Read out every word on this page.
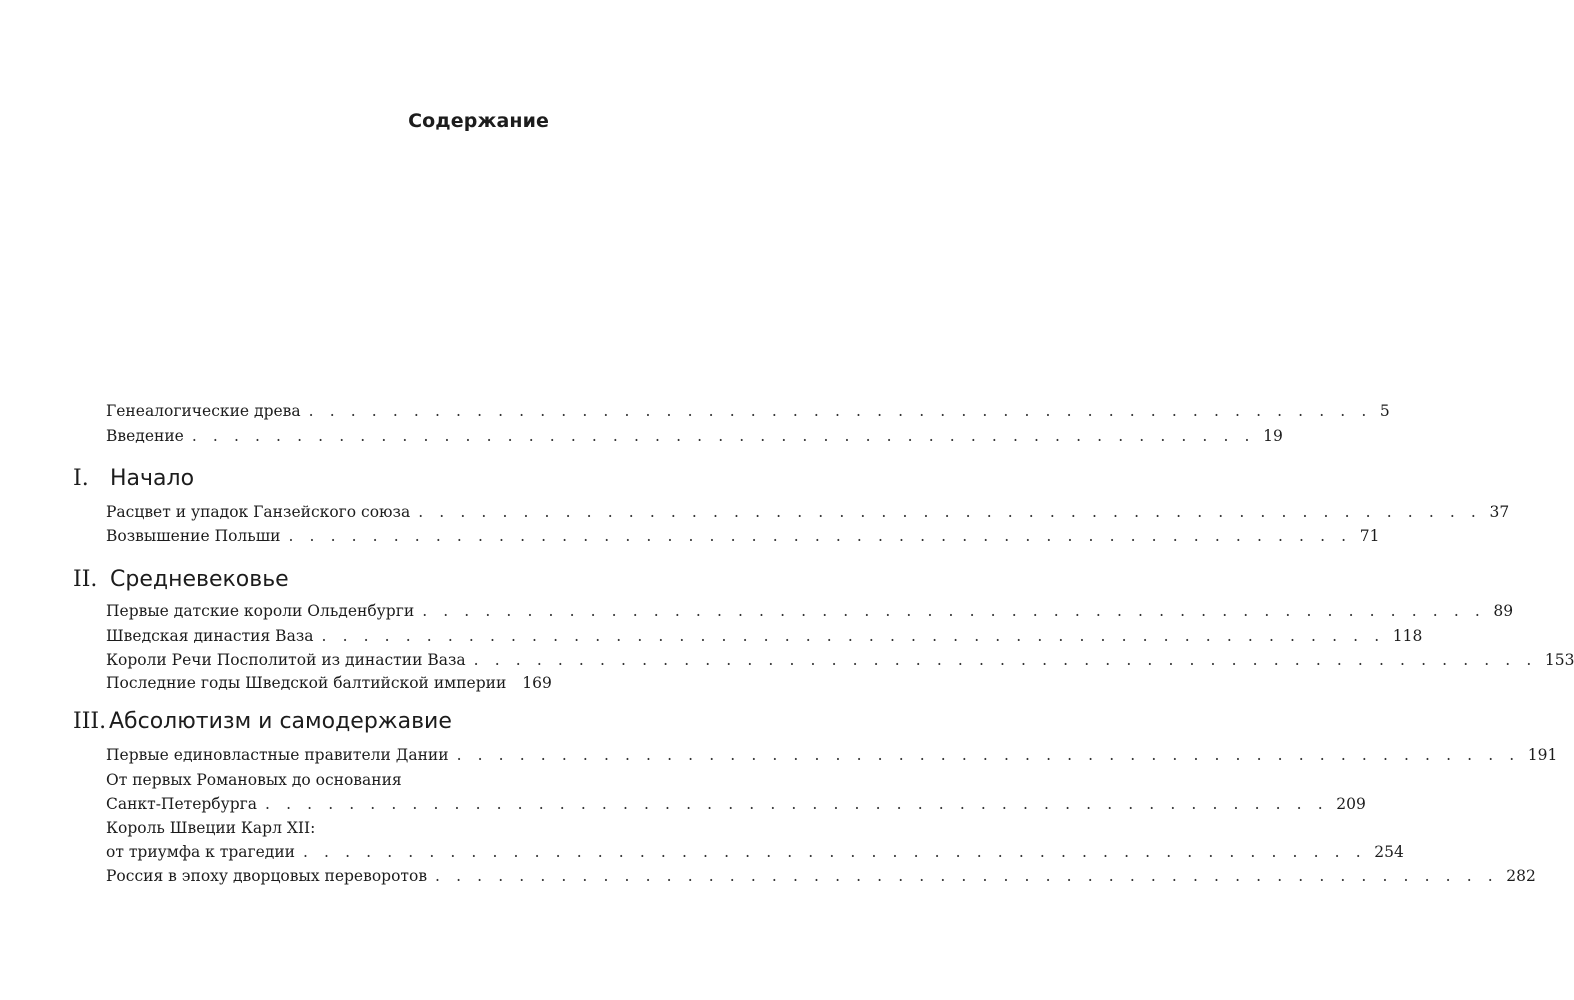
Содержание
Генеалогические древа . . . . . . . . . . . . . . . . . . . . . . . . . . . . . . . . . . . . . . . . . . . . . . . . . . . 5
Введение . . . . . . . . . . . . . . . . . . . . . . . . . . . . . . . . . . . . . . . . . . . . . . . . . . . 19
I. Начало
Расцвет и упадок Ганзейского союза . . . . . . . . . . . . . . . . . . . . . . . . . . . . . . . . . . . . . . . . . . . . . . . . . . . 37
Возвышение Польши . . . . . . . . . . . . . . . . . . . . . . . . . . . . . . . . . . . . . . . . . . . . . . . . . . . 71
II. Средневековье
Первые датские короли Ольденбурги . . . . . . . . . . . . . . . . . . . . . . . . . . . . . . . . . . . . . . . . . . . . . . . . . . . 89
Шведская династия Ваза . . . . . . . . . . . . . . . . . . . . . . . . . . . . . . . . . . . . . . . . . . . . . . . . . . . 118
Короли Речи Посполитой из династии Ваза . . . . . . . . . . . . . . . . . . . . . . . . . . . . . . . . . . . . . . . . . . . . . . . . . . . 153
Последние годы Шведской балтийской империи 169
III. Абсолютизм и самодержавие
Первые единовластные правители Дании . . . . . . . . . . . . . . . . . . . . . . . . . . . . . . . . . . . . . . . . . . . . . . . . . . . 191
От первых Романовых до основания
Санкт-Петербурга . . . . . . . . . . . . . . . . . . . . . . . . . . . . . . . . . . . . . . . . . . . . . . . . . . . 209
Король Швеции Карл XII:
от триумфа к трагедии . . . . . . . . . . . . . . . . . . . . . . . . . . . . . . . . . . . . . . . . . . . . . . . . . . . 254
Россия в эпоху дворцовых переворотов . . . . . . . . . . . . . . . . . . . . . . . . . . . . . . . . . . . . . . . . . . . . . . . . . . . 282
